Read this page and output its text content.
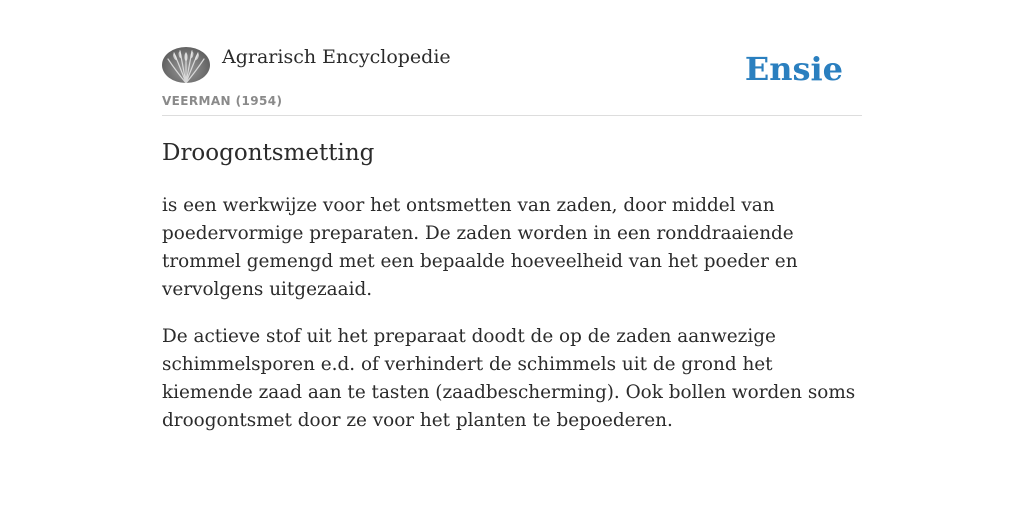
Agrarisch Encyclopedie
VEERMAN (1954)
Ensie
Droogontsmetting

is een werkwijze voor het ontsmetten van zaden, door middel van poedervormige preparaten. De zaden worden in een ronddraaiende trommel gemengd met een bepaalde hoeveelheid van het poeder en vervolgens uitgezaaid.

De actieve stof uit het preparaat doodt de op de zaden aanwezige schimmelsporen e.d. of verhindert de schimmels uit de grond het kiemende zaad aan te tasten (zaadbescherming). Ook bollen worden soms droogontsmet door ze voor het planten te bepoederen.
